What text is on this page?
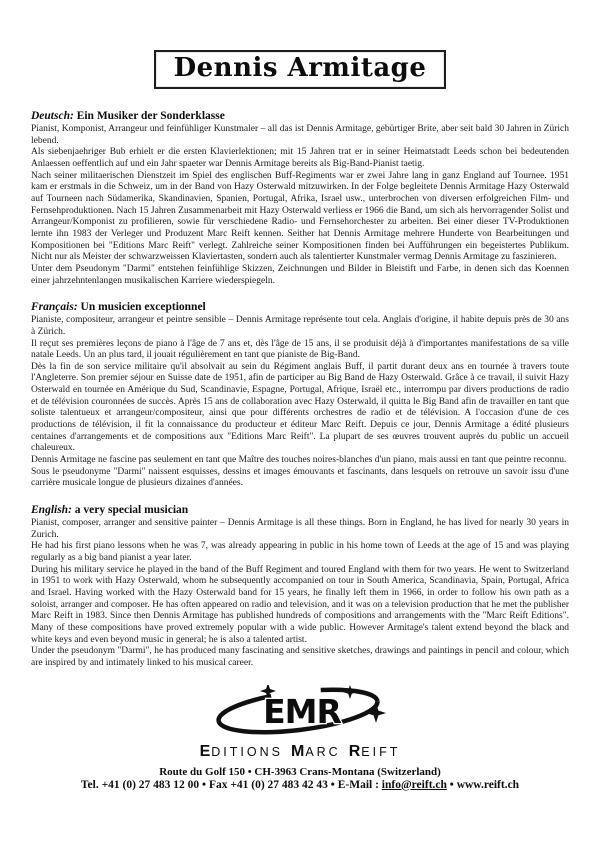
Dennis Armitage
Deutsch: Ein Musiker der Sonderklasse

Pianist, Komponist, Arrangeur und feinfühliger Kunstmaler – all das ist Dennis Armitage, gebürtiger Brite, aber seit bald 30 Jahren in Zürich lebend.

Als siebenjaehriger Bub erhielt er die ersten Klavierlektionen; mit 15 Jahren trat er in seiner Heimatstadt Leeds schon bei bedeutenden Anlaessen oeffentlich auf und ein Jahr spaeter war Dennis Armitage bereits als Big-Band-Pianist taetig.

Nach seiner militaerischen Dienstzeit im Spiel des englischen Buff-Regiments war er zwei Jahre lang in ganz England auf Tournee. 1951 kam er erstmals in die Schweiz, um in der Band von Hazy Osterwald mitzuwirken. In der Folge begleitete Dennis Armitage Hazy Osterwald auf Tourneen nach Südamerika, Skandinavien, Spanien, Portugal, Afrika, Israel usw., unterbrochen von diversen erfolgreichen Film- und Fernsehproduktionen. Nach 15 Jahren Zusammenarbeit mit Hazy Osterwald verliess er 1966 die Band, um sich als hervorragender Solist und Arrangeur/Komponist zu profilieren, sowie für verschiedene Radio- und Fernsehorchester zu arbeiten. Bei einer dieser TV-Produktionen lernte ihn 1983 der Verleger und Produzent Marc Reift kennen. Seither hat Dennis Armitage mehrere Hunderte von Bearbeitungen und Kompositionen bei "Editions Marc Reift" verlegt. Zahlreiche seiner Kompositionen finden bei Aufführungen ein begeistertes Publikum. Nicht nur als Meister der schwarzweissen Klaviertasten, sondern auch als talentierter Kunstmaler vermag Dennis Armitage zu faszinieren.

Unter dem Pseudonym "Darmi" entstehen feinfühlige Skizzen, Zeichnungen und Bilder in Bleistift und Farbe, in denen sich das Koennen einer jahrzehntenlangen musikalischen Karriere wiederspiegeln.

Français: Un musicien exceptionnel

Pianiste, compositeur, arrangeur et peintre sensible – Dennis Armitage représente tout cela. Anglais d'origine, il habite depuis près de 30 ans à Zürich.

Il reçut ses premières leçons de piano à l'âge de 7 ans et, dès l'âge de 15 ans, il se produisit déjà à d'importantes manifestations de sa ville natale Leeds. Un an plus tard, il jouait régulièrement en tant que pianiste de Big-Band.

Dès la fin de son service militaire qu'il absolvait au sein du Régiment anglais Buff, il partit durant deux ans en tournée à travers toute l'Angleterre. Son premier séjour en Suisse date de 1951, afin de participer au Big Band de Hazy Osterwald. Grâce à ce travail, il suivit Hazy Osterwald en tournée en Amérique du Sud, Scandinavie, Espagne, Portugal, Afrique, Israël etc., interrompu par divers productions de radio et de télévision couronnées de succès. Après 15 ans de collaboration avec Hazy Osterwald, il quitta le Big Band afin de travailler en tant que soliste talentueux et arrangeur/compositeur, ainsi que pour différents orchestres de radio et de télévision. A l'occasion d'une de ces productions de télévision, il fit la connaissance du producteur et éditeur Marc Reift. Depuis ce jour, Dennis Armitage a édité plusieurs centaines d'arrangements et de compositions aux "Editions Marc Reift". La plupart de ses œuvres trouvent auprès du public un accueil chaleureux.

Dennis Armitage ne fascine pas seulement en tant que Maître des touches noires-blanches d'un piano, mais aussi en tant que peintre reconnu.

Sous le pseudonyme "Darmi" naissent esquisses, dessins et images émouvants et fascinants, dans lesquels on retrouve un savoir issu d'une carrière musicale longue de plusieurs dizaines d'années.

English: a very special musician

Pianist, composer, arranger and sensitive painter – Dennis Armitage is all these things. Born in England, he has lived for nearly 30 years in Zurich.

He had his first piano lessons when he was 7, was already appearing in public in his home town of Leeds at the age of 15 and was playing regularly as a big band pianist a year later.

During his military service he played in the band of the Buff Regiment and toured England with them for two years. He went to Switzerland in 1951 to work with Hazy Osterwald, whom he subsequently accompanied on tour in South America, Scandinavia, Spain, Portugal, Africa and Israel. Having worked with the Hazy Osterwald band for 15 years, he finally left them in 1966, in order to follow his own path as a soloist, arranger and composer. He has often appeared on radio and television, and it was on a television production that he met the publisher Marc Reift in 1983. Since then Dennis Armitage has published hundreds of compositions and arrangements with the "Marc Reift Editions". Many of these compositions have proved extremely popular with a wide public. However Armitage's talent extend beyond the black and white keys and even beyond music in general; he is also a talented artist.

Under the pseudonym "Darmi", he has produced many fascinating and sensitive sketches, drawings and paintings in pencil and colour, which are inspired by and intimately linked to his musical career.

EMR
EDITIONS MARC REIFT
Route du Golf 150 • CH-3963 Crans-Montana (Switzerland)
Tel. +41 (0) 27 483 12 00 • Fax +41 (0) 27 483 42 43 • E-Mail : info@reift.ch • www.reift.ch
